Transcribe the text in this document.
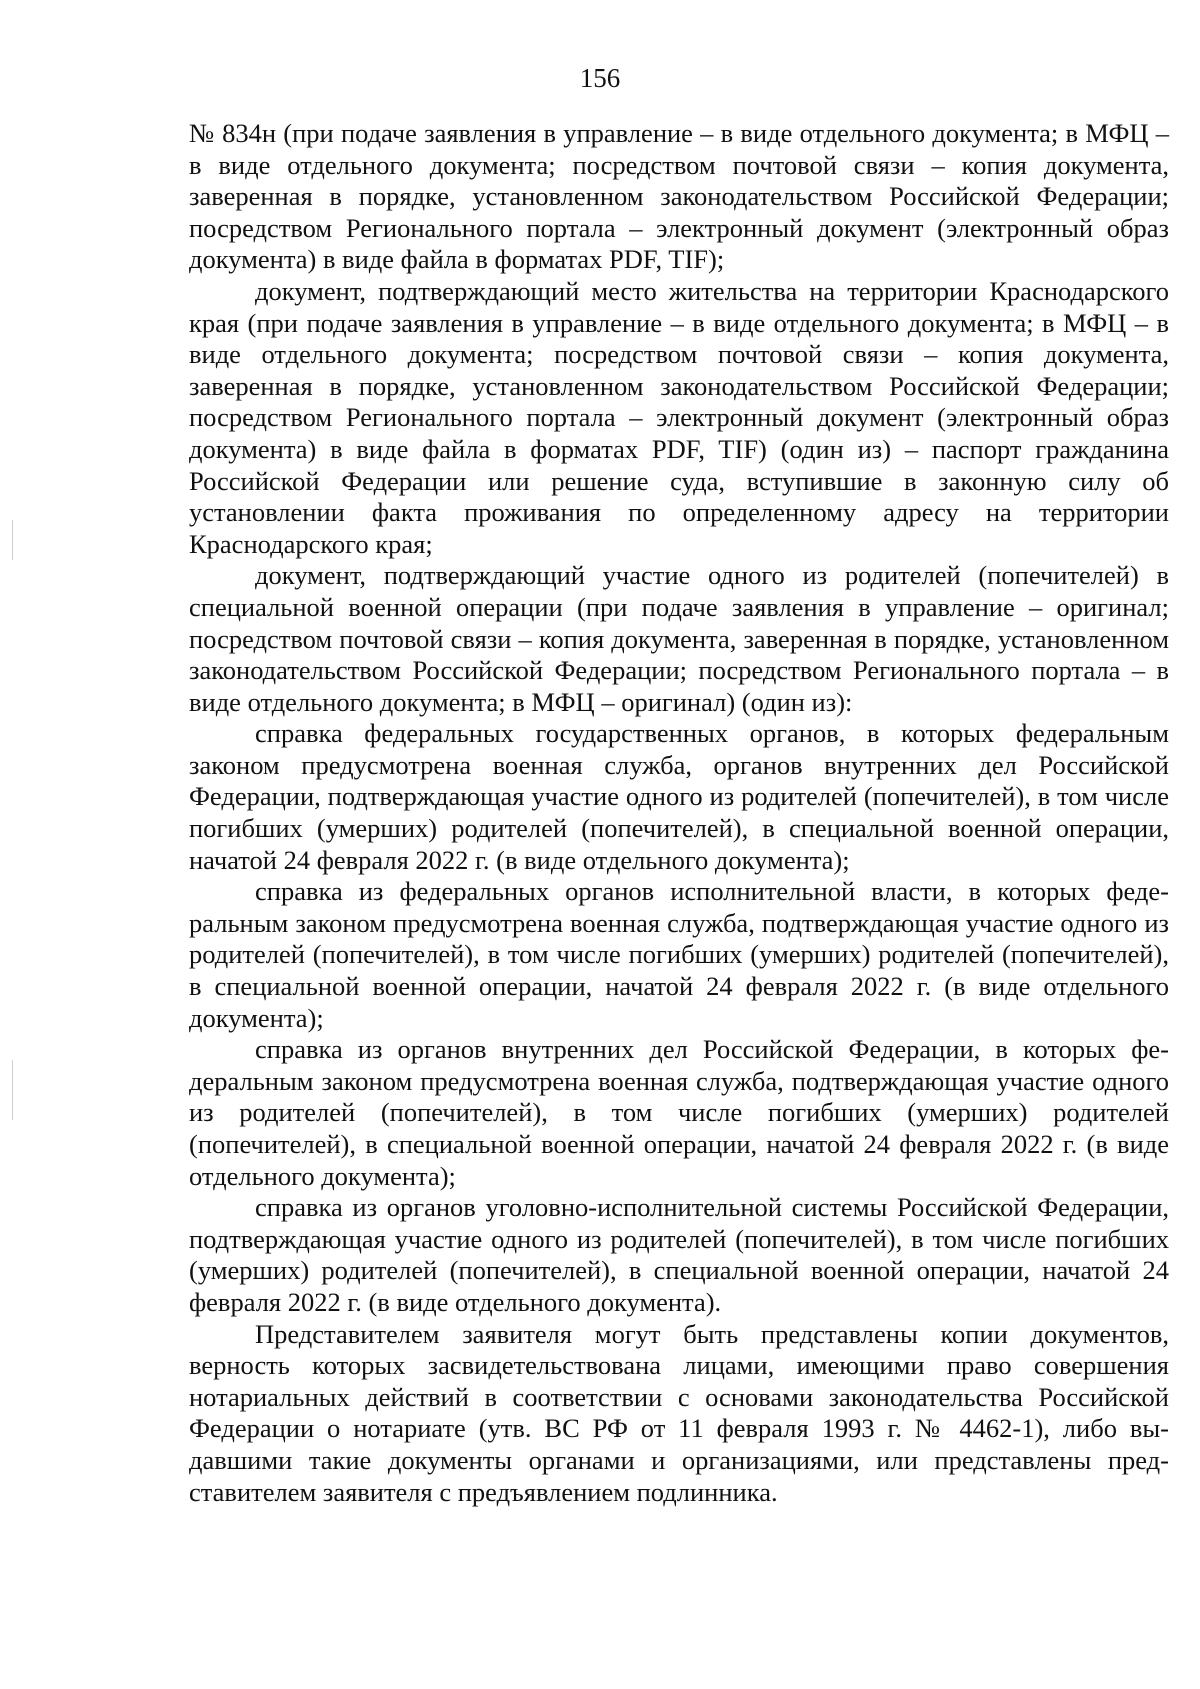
156

№ 834н (при подаче заявления в управление – в виде отдельного документа; в МФЦ – в виде отдельного документа; посредством почтовой связи – копия документа, заверенная в порядке, установленном законодательством Российской Федерации; посредством Регионального портала – электронный документ (электронный образ документа) в виде файла в форматах PDF, TIF);

документ, подтверждающий место жительства на территории Краснодарского края (при подаче заявления в управление – в виде отдельного документа; в МФЦ – в виде отдельного документа; посредством почтовой связи – копия документа, заверенная в порядке, установленном законодательством Российской Федерации; посредством Регионального портала – электронный документ (электронный образ документа) в виде файла в форматах PDF, TIF) (один из) – паспорт гражданина Российской Федерации или решение суда, вступившие в законную силу об установлении факта проживания по определенному адресу на территории Краснодарского края;

документ, подтверждающий участие одного из родителей (попечителей) в специальной военной операции (при подаче заявления в управление – оригинал; посредством почтовой связи – копия документа, заверенная в порядке, установленном законодательством Российской Федерации; посредством Регионального портала – в виде отдельного документа; в МФЦ – оригинал) (один из):

справка федеральных государственных органов, в которых федеральным законом предусмотрена военная служба, органов внутренних дел Российской Федерации, подтверждающая участие одного из родителей (попечителей), в том числе погибших (умерших) родителей (попечителей), в специальной военной операции, начатой 24 февраля 2022 г. (в виде отдельного документа);

справка из федеральных органов исполнительной власти, в которых федеральным законом предусмотрена военная служба, подтверждающая участие одного из родителей (попечителей), в том числе погибших (умерших) родителей (попечителей), в специальной военной операции, начатой 24 февраля 2022 г. (в виде отдельного документа);

справка из органов внутренних дел Российской Федерации, в которых федеральным законом предусмотрена военная служба, подтверждающая участие одного из родителей (попечителей), в том числе погибших (умерших) родителей (попечителей), в специальной военной операции, начатой 24 февраля 2022 г. (в виде отдельного документа);

справка из органов уголовно-исполнительной системы Российской Федерации, подтверждающая участие одного из родителей (попечителей), в том числе погибших (умерших) родителей (попечителей), в специальной военной операции, начатой 24 февраля 2022 г. (в виде отдельного документа).

Представителем заявителя могут быть представлены копии документов, верность которых засвидетельствована лицами, имеющими право совершения нотариальных действий в соответствии с основами законодательства Российской Федерации о нотариате (утв. ВС РФ от 11 февраля 1993 г. № 4462-1), либо выдавшими такие документы органами и организациями, или представлены представителем заявителя с предъявлением подлинника.
